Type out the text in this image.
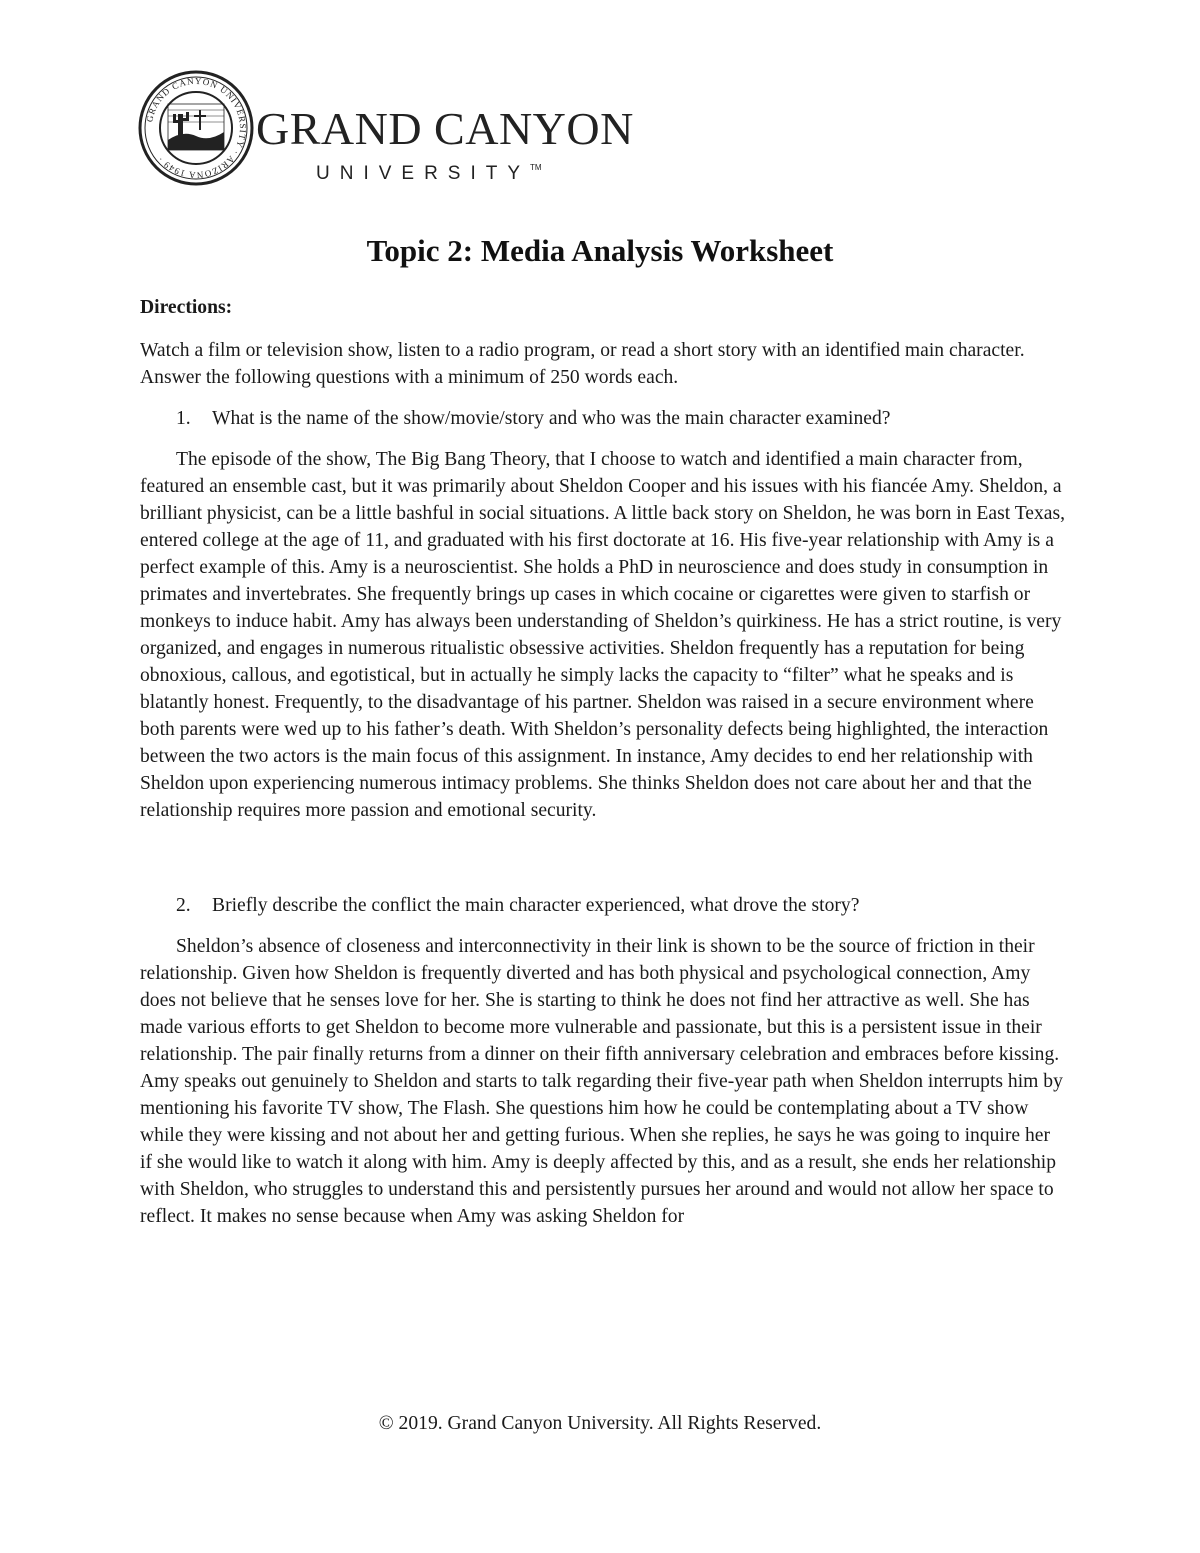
GRAND CANYON UNIVERSITY · ARIZONA 1949 ·
GRAND CANYON
UNIVERSITY™
Topic 2: Media Analysis Worksheet

Directions:

Watch a film or television show, listen to a radio program, or read a short story with an identified main character. Answer the following questions with a minimum of 250 words each.

1. What is the name of the show/movie/story and who was the main character examined?

The episode of the show, The Big Bang Theory, that I choose to watch and identified a main character from, featured an ensemble cast, but it was primarily about Sheldon Cooper and his issues with his fiancée Amy. Sheldon, a brilliant physicist, can be a little bashful in social situations. A little back story on Sheldon, he was born in East Texas, entered college at the age of 11, and graduated with his first doctorate at 16. His five-year relationship with Amy is a perfect example of this. Amy is a neuroscientist. She holds a PhD in neuroscience and does study in consumption in primates and invertebrates. She frequently brings up cases in which cocaine or cigarettes were given to starfish or monkeys to induce habit. Amy has always been understanding of Sheldon’s quirkiness. He has a strict routine, is very organized, and engages in numerous ritualistic obsessive activities. Sheldon frequently has a reputation for being obnoxious, callous, and egotistical, but in actually he simply lacks the capacity to “filter” what he speaks and is blatantly honest. Frequently, to the disadvantage of his partner. Sheldon was raised in a secure environment where both parents were wed up to his father’s death. With Sheldon’s personality defects being highlighted, the interaction between the two actors is the main focus of this assignment. In instance, Amy decides to end her relationship with Sheldon upon experiencing numerous intimacy problems. She thinks Sheldon does not care about her and that the relationship requires more passion and emotional security.

2. Briefly describe the conflict the main character experienced, what drove the story?

Sheldon’s absence of closeness and interconnectivity in their link is shown to be the source of friction in their relationship. Given how Sheldon is frequently diverted and has both physical and psychological connection, Amy does not believe that he senses love for her. She is starting to think he does not find her attractive as well. She has made various efforts to get Sheldon to become more vulnerable and passionate, but this is a persistent issue in their relationship. The pair finally returns from a dinner on their fifth anniversary celebration and embraces before kissing. Amy speaks out genuinely to Sheldon and starts to talk regarding their five-year path when Sheldon interrupts him by mentioning his favorite TV show, The Flash. She questions him how he could be contemplating about a TV show while they were kissing and not about her and getting furious. When she replies, he says he was going to inquire her if she would like to watch it along with him. Amy is deeply affected by this, and as a result, she ends her relationship with Sheldon, who struggles to understand this and persistently pursues her around and would not allow her space to reflect. It makes no sense because when Amy was asking Sheldon for

© 2019. Grand Canyon University. All Rights Reserved.
